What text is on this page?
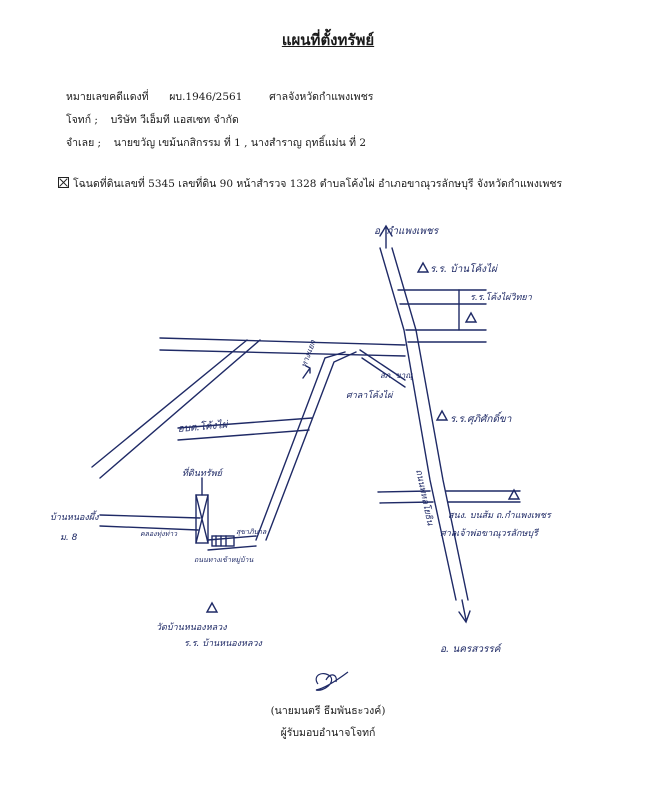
แผนที่ตั้งทรัพย์
หมายเลขคดีแดงที่ ผบ.1946/2561	ศาลจังหวัดกำแพงเพชร
โจทก์ ; บริษัท วีเอ็มที แอสเซท จำกัด
จำเลย ; นายขวัญ เขม้นกสิกรรม ที่ 1 , นางสำราญ ฤทธิ์แม่น ที่ 2
โฉนดที่ดินเลขที่ 5345 เลขที่ดิน 90 หน้าสำรวจ 1328 ตำบลโค้งไผ่ อำเภอขาณุวรลักษบุรี จังหวัดกำแพงเพชร
อ. กำแพงเพชร
ร.ร. บ้านโค้งไผ่
ร.ร.โค้งไผ่วิทยา
ทางแยก
สภ. ขาณุ
ศาลาโค้งไผ่
ร.ร.ศุภิศักดิ์ขา
อบต.โค้งไผ่
ที่ดินทรัพย์
บ้านหนองผึ้ง
ม. 8	คลองทุ่งท่าว	สุขาภิบาล
ถนนทางเข้าหมู่บ้าน
ถนนพหลโยธิน สนง. บนส้ม ถ.กำแพงเพชร
ศาลเจ้าพ่อขาณุวรลักษบุรี
วัดบ้านหนองหลวง
ร.ร. บ้านหนองหลวง	อ. นครสวรรค์
(นายมนตรี ธีมพันธะวงค์)
ผู้รับมอบอำนาจโจทก์
